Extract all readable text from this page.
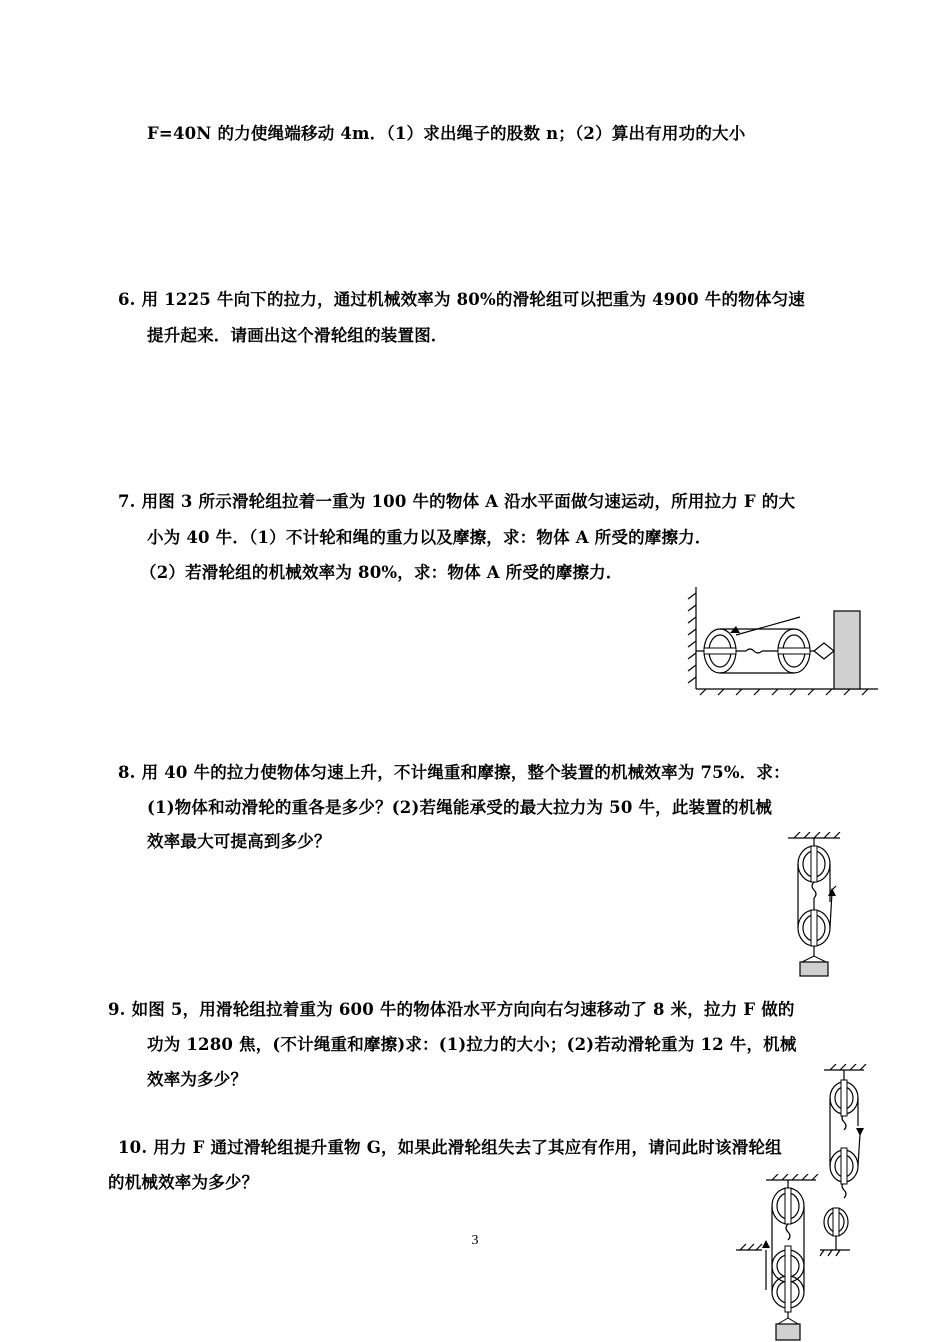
F=40N 的力使绳端移动 4m．（1）求出绳子的股数 n；（2）算出有用功的大小
6. 用 1225 牛向下的拉力，通过机械效率为 80%的滑轮组可以把重为 4900 牛的物体匀速
提升起来．请画出这个滑轮组的装置图．
7. 用图 3 所示滑轮组拉着一重为 100 牛的物体 A 沿水平面做匀速运动，所用拉力 F 的大
小为 40 牛．（1）不计轮和绳的重力以及摩擦，求：物体 A 所受的摩擦力．
（2）若滑轮组的机械效率为 80%，求：物体 A 所受的摩擦力．
8. 用 40 牛的拉力使物体匀速上升，不计绳重和摩擦，整个装置的机械效率为 75%．求：
(1)物体和动滑轮的重各是多少？(2)若绳能承受的最大拉力为 50 牛，此装置的机械
效率最大可提高到多少？
9. 如图 5，用滑轮组拉着重为 600 牛的物体沿水平方向向右匀速移动了 8 米，拉力 F 做的
功为 1280 焦，(不计绳重和摩擦)求：(1)拉力的大小；(2)若动滑轮重为 12 牛，机械
效率为多少？
10. 用力 F 通过滑轮组提升重物 G，如果此滑轮组失去了其应有作用，请问此时该滑轮组
的机械效率为多少？
3
